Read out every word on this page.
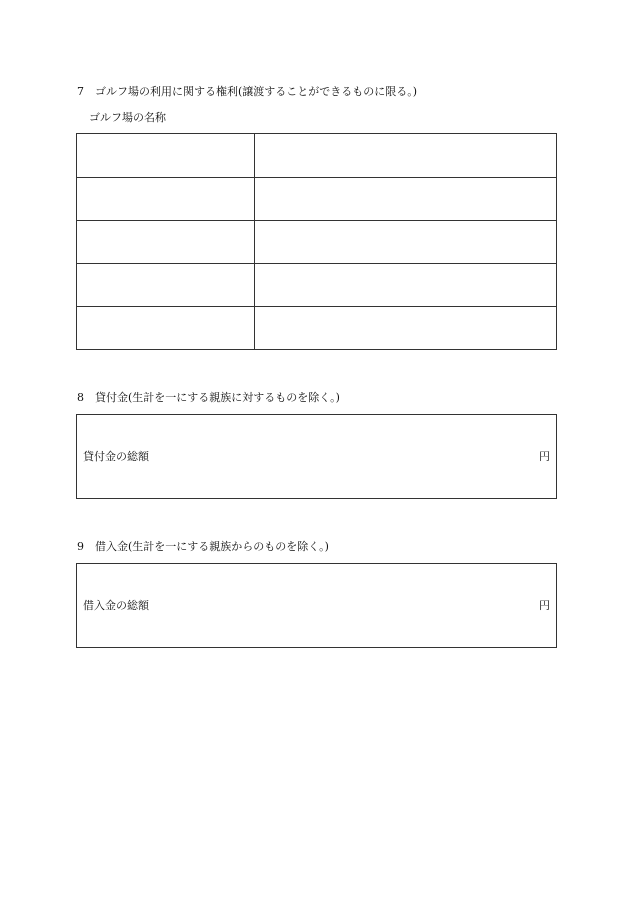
7 ゴルフ場の利用に関する権利(譲渡することができるものに限る。)
ゴルフ場の名称
8 貸付金(生計を一にする親族に対するものを除く。)
貸付金の総額	円
9 借入金(生計を一にする親族からのものを除く。)
借入金の総額	円
